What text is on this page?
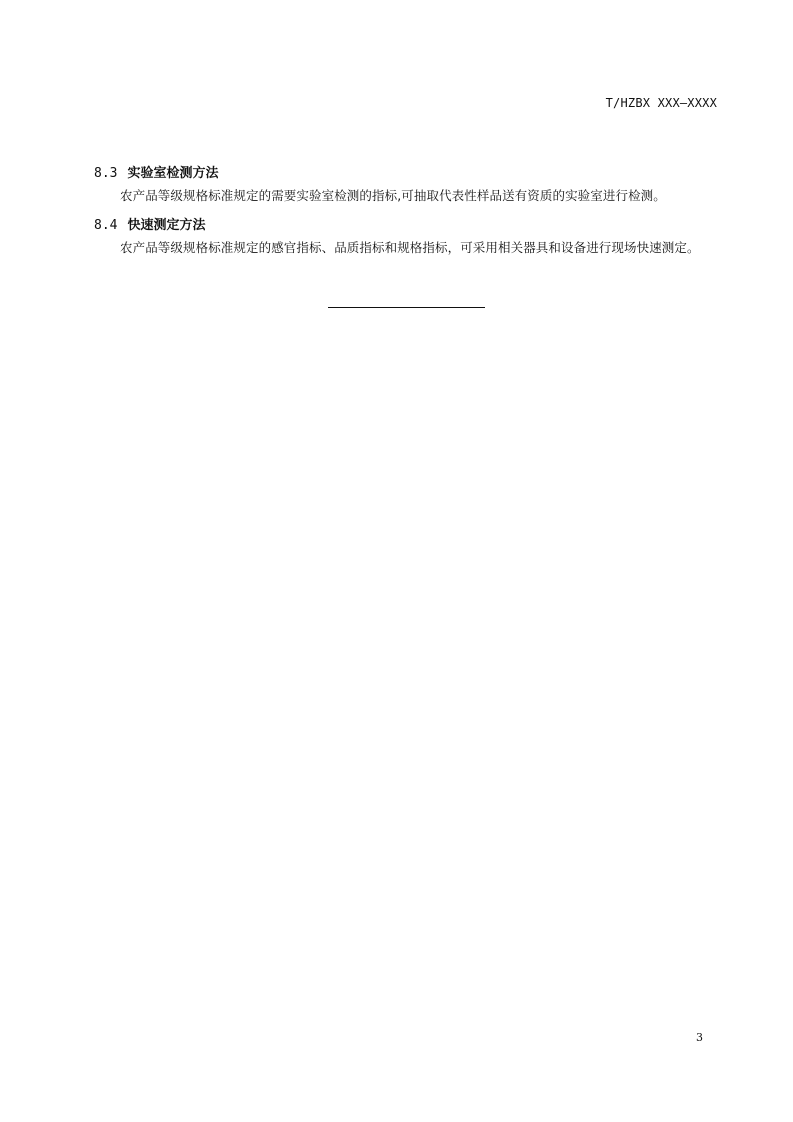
T/HZBX XXX—XXXX
8.3 实验室检测方法
农产品等级规格标准规定的需要实验室检测的指标,可抽取代表性样品送有资质的实验室进行检测。
8.4 快速测定方法
农产品等级规格标准规定的感官指标、品质指标和规格指标，可采用相关器具和设备进行现场快速测定。
3
